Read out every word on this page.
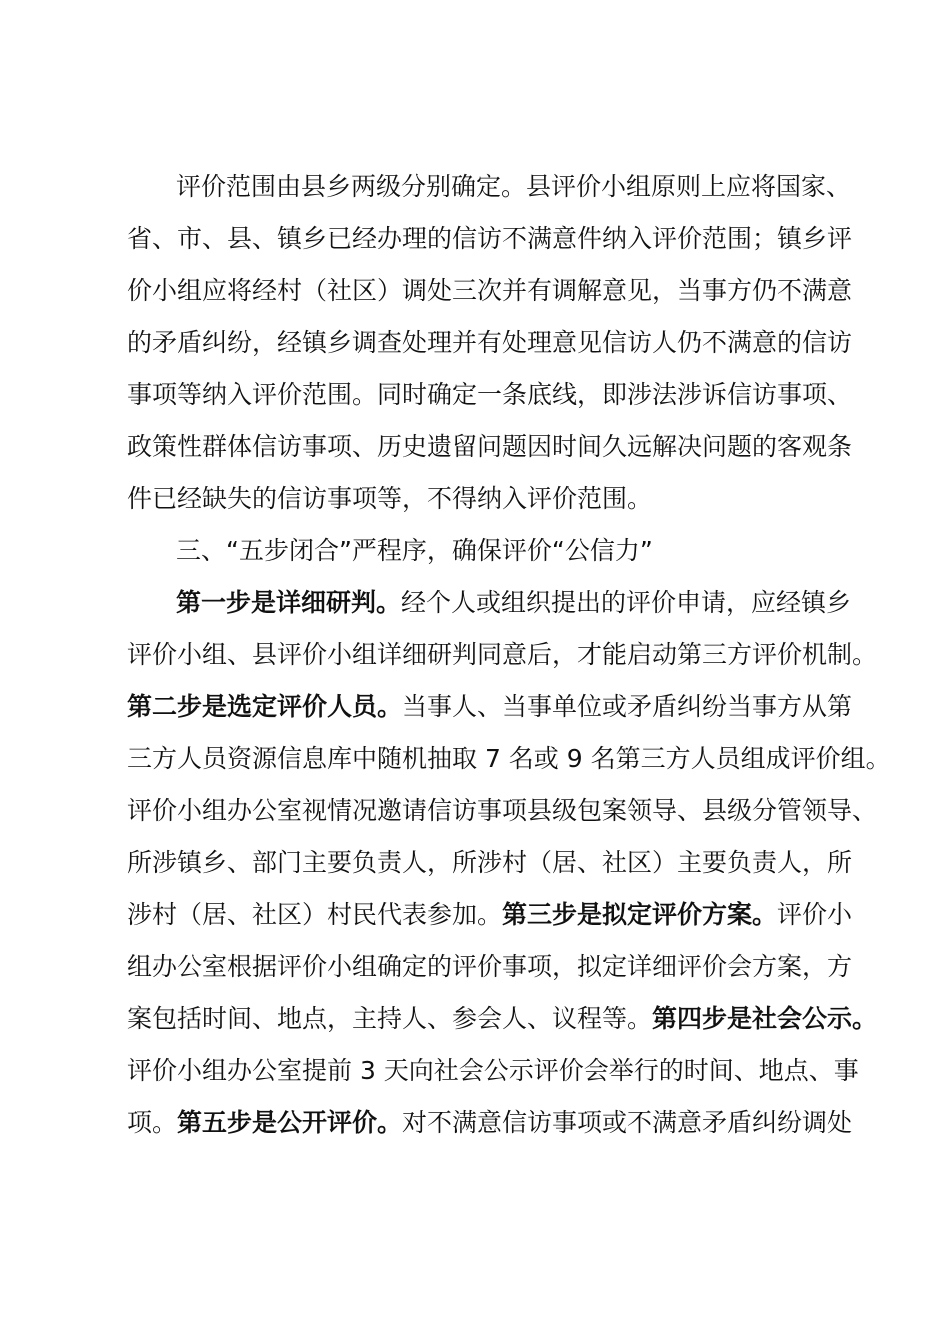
评价范围由县乡两级分别确定。县评价小组原则上应将国家、
省、市、县、镇乡已经办理的信访不满意件纳入评价范围；镇乡评
价小组应将经村（社区）调处三次并有调解意见，当事方仍不满意
的矛盾纠纷，经镇乡调查处理并有处理意见信访人仍不满意的信访
事项等纳入评价范围。同时确定一条底线，即涉法涉诉信访事项、
政策性群体信访事项、历史遗留问题因时间久远解决问题的客观条
件已经缺失的信访事项等，不得纳入评价范围。
三、“五步闭合”严程序，确保评价“公信力”
第一步是详细研判。经个人或组织提出的评价申请，应经镇乡
评价小组、县评价小组详细研判同意后，才能启动第三方评价机制。
第二步是选定评价人员。当事人、当事单位或矛盾纠纷当事方从第
三方人员资源信息库中随机抽取 7 名或 9 名第三方人员组成评价组。
评价小组办公室视情况邀请信访事项县级包案领导、县级分管领导、
所涉镇乡、部门主要负责人，所涉村（居、社区）主要负责人，所
涉村（居、社区）村民代表参加。第三步是拟定评价方案。评价小
组办公室根据评价小组确定的评价事项，拟定详细评价会方案，方
案包括时间、地点，主持人、参会人、议程等。第四步是社会公示。
评价小组办公室提前 3 天向社会公示评价会举行的时间、地点、事
项。第五步是公开评价。对不满意信访事项或不满意矛盾纠纷调处
